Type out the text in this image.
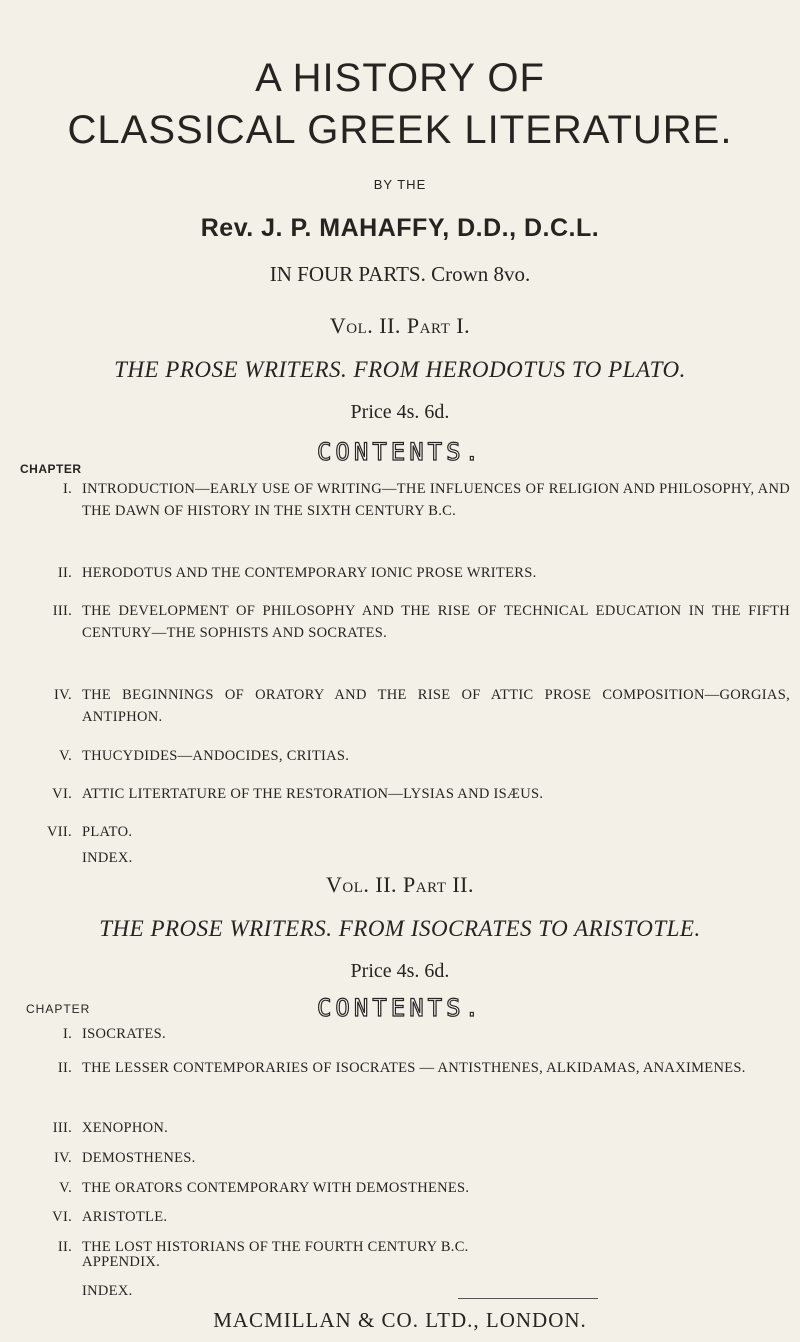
A HISTORY OF
CLASSICAL GREEK LITERATURE.
BY THE
Rev. J. P. MAHAFFY, D.D., D.C.L.
IN FOUR PARTS. Crown 8vo.
Vol. II. Part I.
THE PROSE WRITERS. FROM HERODOTUS TO PLATO.
Price 4s. 6d.
CONTENTS.
CHAPTER
I. INTRODUCTION—EARLY USE OF WRITING—THE INFLUENCES OF RELIGION AND PHILOSOPHY, AND THE DAWN OF HISTORY IN THE SIXTH CENTURY B.C.
II. HERODOTUS AND THE CONTEMPORARY IONIC PROSE WRITERS.
III. THE DEVELOPMENT OF PHILOSOPHY AND THE RISE OF TECHNICAL EDUCATION IN THE FIFTH CENTURY—THE SOPHISTS AND SOCRATES.
IV. THE BEGINNINGS OF ORATORY AND THE RISE OF ATTIC PROSE COMPOSITION—GORGIAS, ANTIPHON.
V. THUCYDIDES—ANDOCIDES, CRITIAS.
VI. ATTIC LITERTATURE OF THE RESTORATION—LYSIAS AND ISÆUS.
VII. PLATO.
INDEX.
Vol. II. Part II.
THE PROSE WRITERS. FROM ISOCRATES TO ARISTOTLE.
Price 4s. 6d.
CHAPTER	CONTENTS.
I. ISOCRATES.
II. THE LESSER CONTEMPORARIES OF ISOCRATES — ANTISTHENES, ALKIDAMAS, ANAXIMENES.
III. XENOPHON.
IV. DEMOSTHENES.
V. THE ORATORS CONTEMPORARY WITH DEMOSTHENES.
VI. ARISTOTLE.
II. THE LOST HISTORIANS OF THE FOURTH CENTURY B.C.
APPENDIX.
INDEX.
MACMILLAN & CO. LTD., LONDON.
